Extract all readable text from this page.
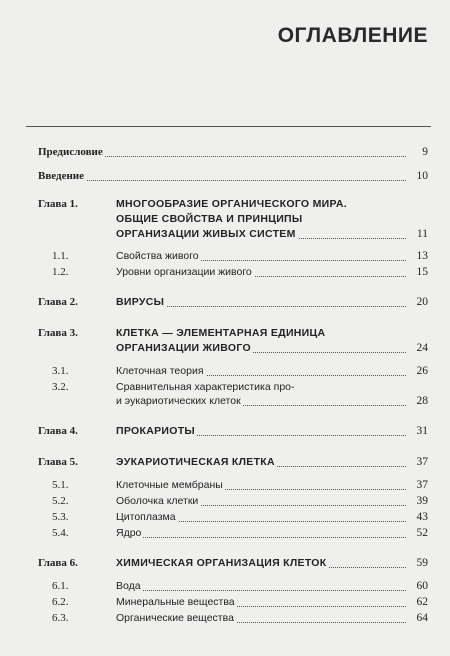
ОГЛАВЛЕНИЕ
Предисловие	9
Введение	10
Глава 1.	МНОГООБРАЗИЕ ОРГАНИЧЕСКОГО МИРА.
ОБЩИЕ СВОЙСТВА И ПРИНЦИПЫ
ОРГАНИЗАЦИИ ЖИВЫХ СИСТЕМ	11
1.1.	Свойства живого	13
1.2.	Уровни организации живого	15
Глава 2.	ВИРУСЫ	20
Глава 3.	КЛЕТКА — ЭЛЕМЕНТАРНАЯ ЕДИНИЦА
ОРГАНИЗАЦИИ ЖИВОГО	24
3.1.	Клеточная теория	26
3.2.	Сравнительная характеристика про-
и эукариотических клеток	28
Глава 4.	ПРОКАРИОТЫ	31
Глава 5.	ЭУКАРИОТИЧЕСКАЯ КЛЕТКА	37
5.1.	Клеточные мембраны	37
5.2.	Оболочка клетки	39
5.3.	Цитоплазма	43
5.4.	Ядро	52
Глава 6.	ХИМИЧЕСКАЯ ОРГАНИЗАЦИЯ КЛЕТОК	59
6.1.	Вода	60
6.2.	Минеральные вещества	62
6.3.	Органические вещества	64
